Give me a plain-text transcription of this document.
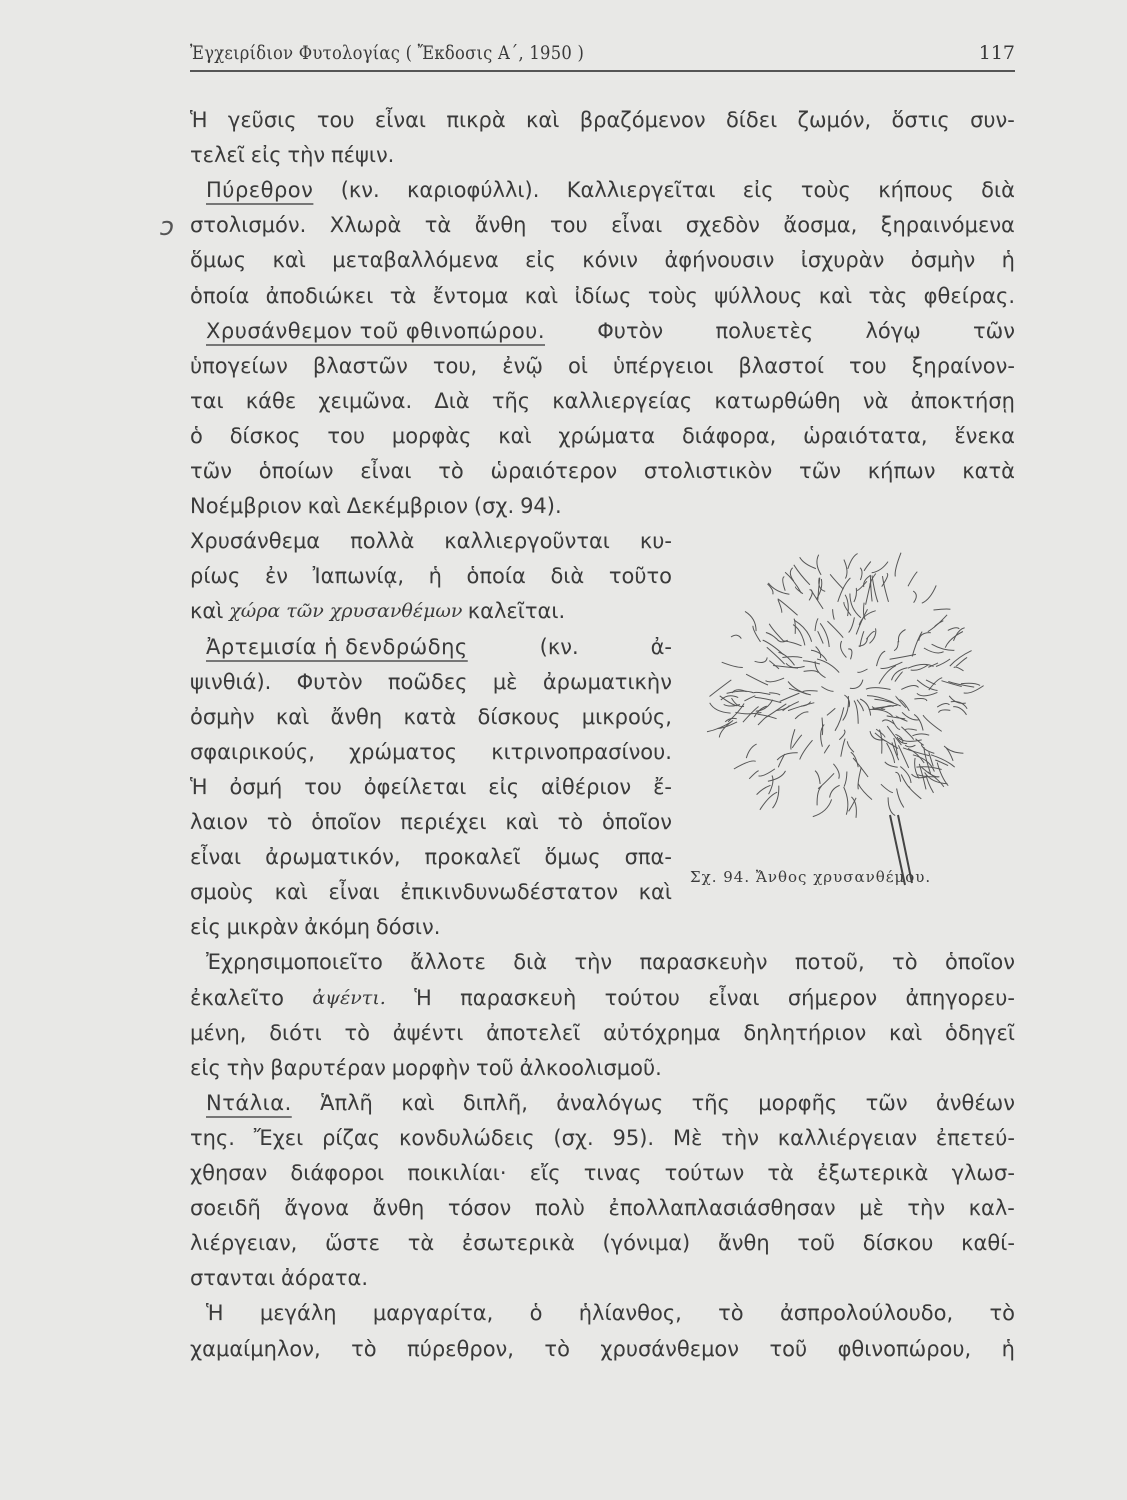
Ἐγχειρίδιον Φυτολογίας ( Ἔκδοσις Α΄, 1950 )	117
ↄ
Ἡ γεῦσις του εἶναι πικρὰ καὶ βραζόμενον δίδει ζωμόν, ὅστις συν-
τελεῖ εἰς τὴν πέψιν.
Πύρεθρον (κν. καριοφύλλι). Καλλιεργεῖται εἰς τοὺς κήπους διὰ
στολισμόν. Χλωρὰ τὰ ἄνθη του εἶναι σχεδὸν ἄοσμα, ξηραινόμενα
ὅμως καὶ μεταβαλλόμενα εἰς κόνιν ἀφήνουσιν ἰσχυρὰν ὀσμὴν ἡ
ὁποία ἀποδιώκει τὰ ἔντομα καὶ ἰδίως τοὺς ψύλλους καὶ τὰς φθείρας.
Χρυσάνθεμον τοῦ φθινοπώρου. Φυτὸν πολυετὲς λόγῳ τῶν
ὑπογείων βλαστῶν του, ἐνῷ οἱ ὑπέργειοι βλαστοί του ξηραίνον-
ται κάθε χειμῶνα. Διὰ τῆς καλλιεργείας κατωρθώθη νὰ ἀποκτήσῃ
ὁ δίσκος του μορφὰς καὶ χρώματα διάφορα, ὡραιότατα, ἕνεκα
τῶν ὁποίων εἶναι τὸ ὡραιότερον στολιστικὸν τῶν κήπων κατὰ
Νοέμβριον καὶ Δεκέμβριον (σχ. 94).
Χρυσάνθεμα πολλὰ καλλιεργοῦνται κυ-
ρίως ἐν Ἰαπωνίᾳ, ἡ ὁποία διὰ τοῦτο
καὶ χώρα τῶν χρυσανθέμων καλεῖται.
Ἀρτεμισία ἡ δενδρώδης	(κν.	ἀ-
ψινθιά). Φυτὸν ποῶδες μὲ ἀρωματικὴν
ὀσμὴν καὶ ἄνθη κατὰ δίσκους μικρούς,
σφαιρικούς, χρώματος κιτρινοπρασίνου.
Ἡ ὀσμή του ὀφείλεται εἰς αἰθέριον ἔ-
λαιον τὸ ὁποῖον περιέχει καὶ τὸ ὁποῖον
εἶναι ἀρωματικόν, προκαλεῖ ὅμως σπα-
σμοὺς καὶ εἶναι ἐπικινδυνωδέστατον καὶ
εἰς μικρὰν ἀκόμη δόσιν.
Ἐχρησιμοποιεῖτο ἄλλοτε διὰ τὴν παρασκευὴν ποτοῦ, τὸ ὁποῖον
ἐκαλεῖτο ἀψέντι. Ἡ παρασκευὴ τούτου εἶναι σήμερον ἀπηγορευ-
μένη, διότι τὸ ἀψέντι ἀποτελεῖ αὐτόχρημα δηλητήριον καὶ ὁδηγεῖ
εἰς τὴν βαρυτέραν μορφὴν τοῦ ἀλκοολισμοῦ.
Ντάλια. Ἁπλῆ καὶ διπλῆ, ἀναλόγως τῆς μορφῆς τῶν ἀνθέων
της. Ἔχει ρίζας κονδυλώδεις (σχ. 95). Μὲ τὴν καλλιέργειαν ἐπετεύ-
χθησαν διάφοροι ποικιλίαι· εἴς τινας τούτων τὰ ἐξωτερικὰ γλωσ-
σοειδῆ ἄγονα ἄνθη τόσον πολὺ ἐπολλαπλασιάσθησαν μὲ τὴν καλ-
λιέργειαν, ὥστε τὰ ἐσωτερικὰ (γόνιμα) ἄνθη τοῦ δίσκου καθί-
στανται ἀόρατα.
Ἡ μεγάλη μαργαρίτα, ὁ ἡλίανθος, τὸ ἀσπρολούλουδο, τὸ
χαμαίμηλον, τὸ πύρεθρον, τὸ χρυσάνθεμον τοῦ φθινοπώρου, ἡ
Σχ. 94. Ἄνθος χρυσανθέμου.
